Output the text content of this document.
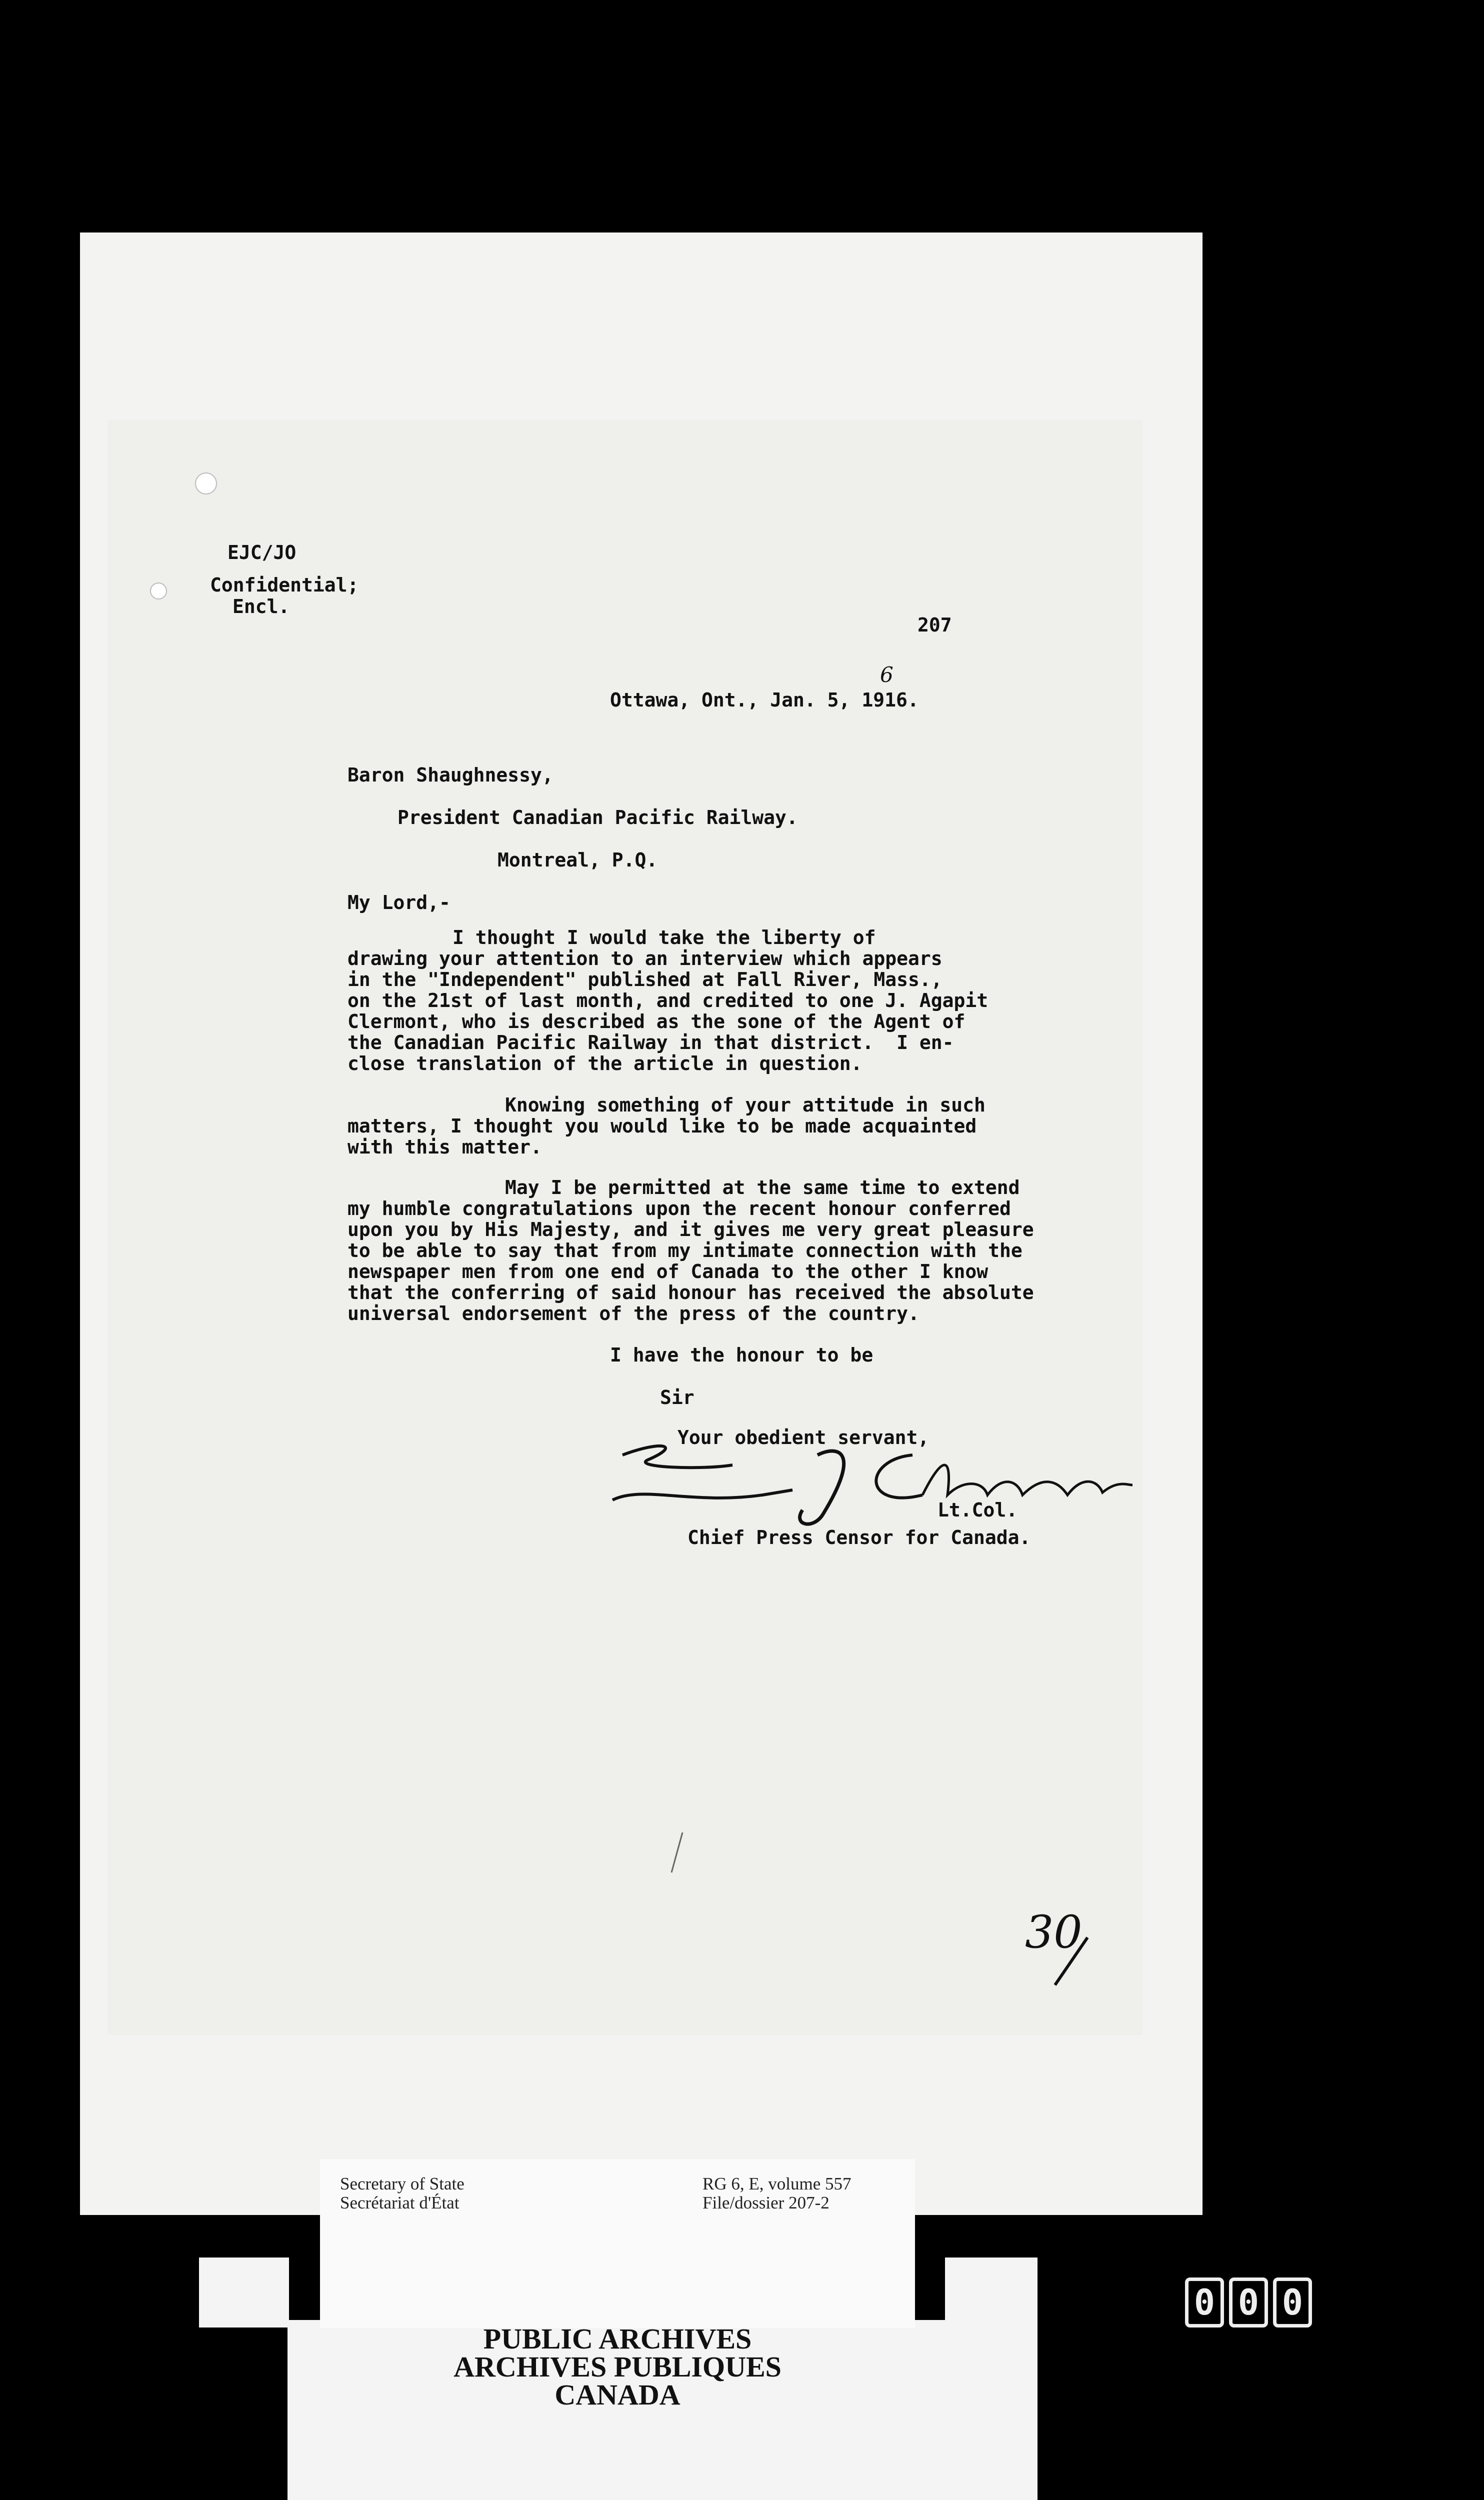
EJC/JO

Confidential;

Encl.

207

Ottawa, Ont., Jan. 5, 1916.

6

Baron Shaughnessy,

President Canadian Pacific Railway.

Montreal, P.Q.

My Lord,-

I thought I would take the liberty of

drawing your attention to an interview which appears

in the "Independent" published at Fall River, Mass.,

on the 21st of last month, and credited to one J. Agapit

Clermont, who is described as the sone of the Agent of

the Canadian Pacific Railway in that district.  I en-

close translation of the article in question.

Knowing something of your attitude in such

matters, I thought you would like to be made acquainted

with this matter.

May I be permitted at the same time to extend

my humble congratulations upon the recent honour conferred

upon you by His Majesty, and it gives me very great pleasure

to be able to say that from my intimate connection with the

newspaper men from one end of Canada to the other I know

that the conferring of said honour has received the absolute

universal endorsement of the press of the country.

I have the honour to be

Sir

Your obedient servant,

Lt.Col.

Chief Press Censor for Canada.

30
Secretary of State
Secrétariat d'État
RG 6, E, volume 557
File/dossier 207-2
PUBLIC ARCHIVES
ARCHIVES PUBLIQUES
CANADA
0 0 0
